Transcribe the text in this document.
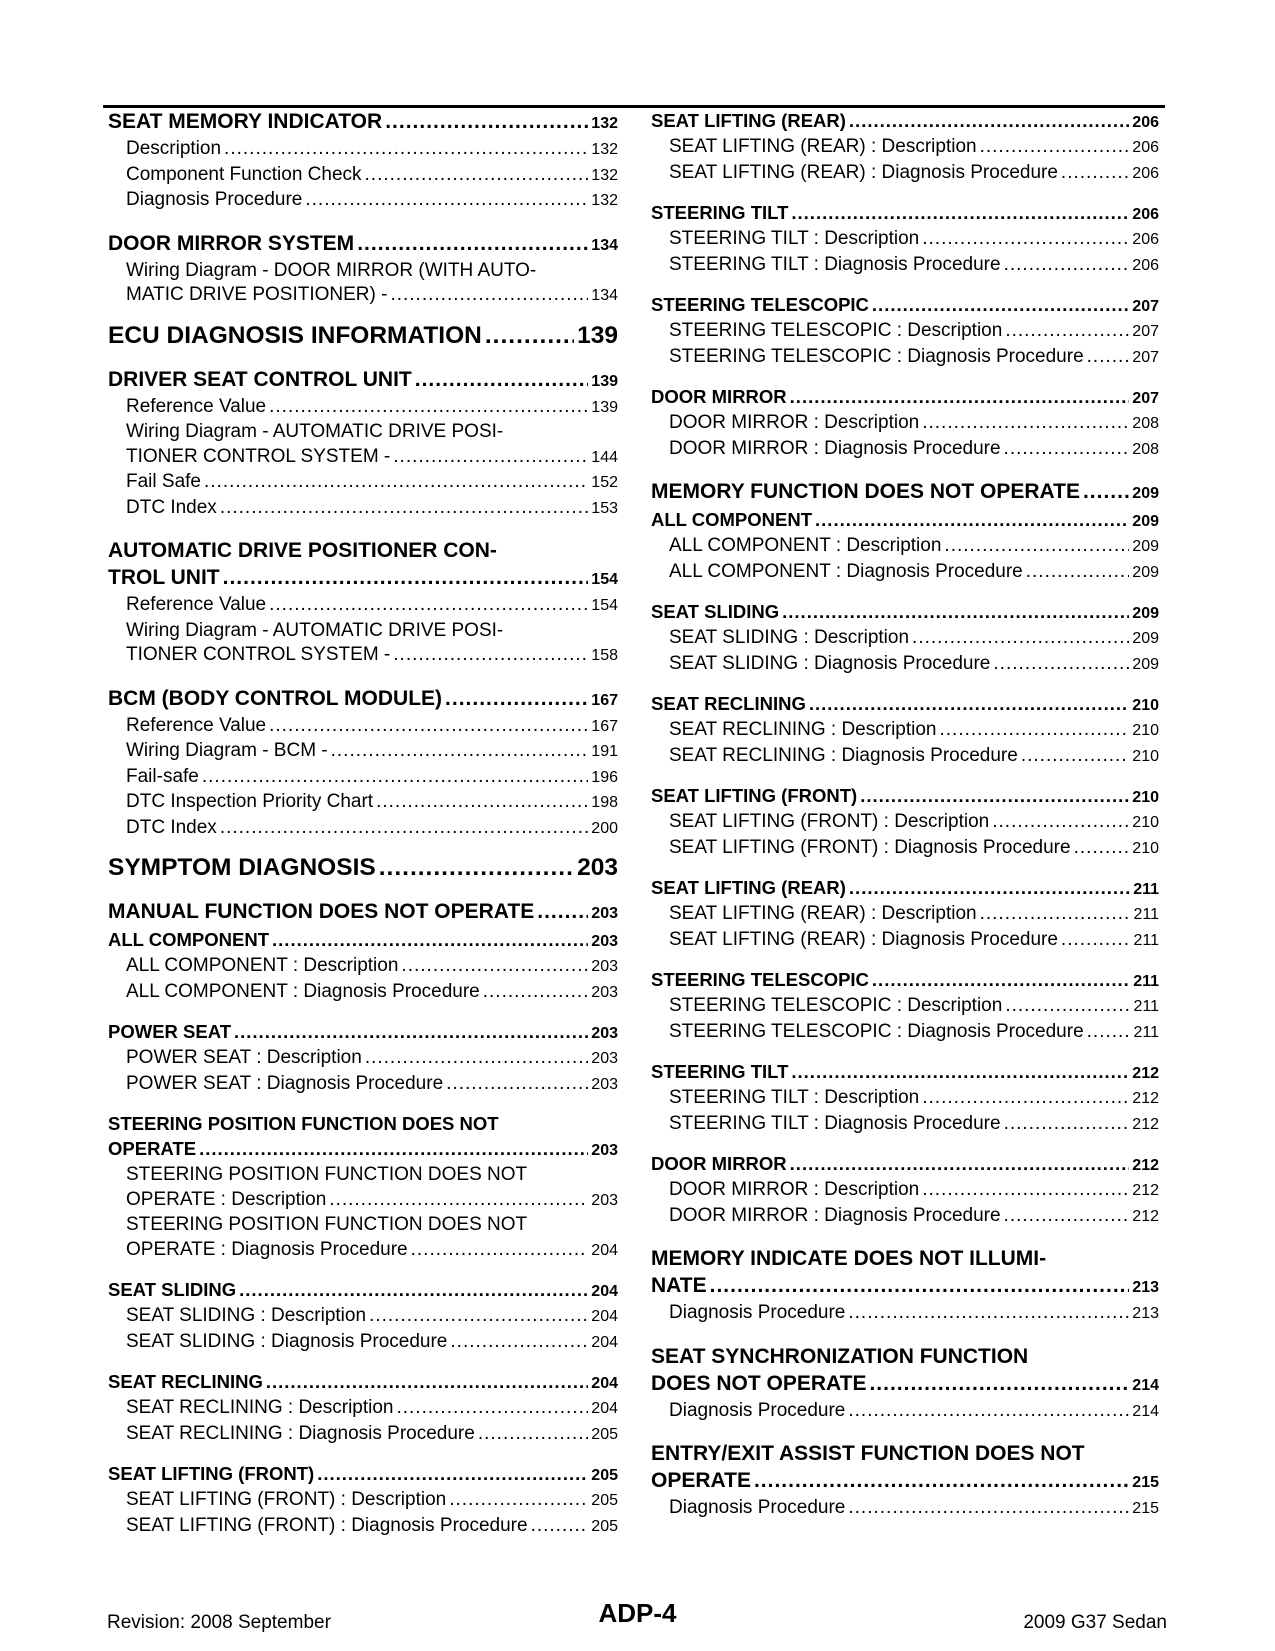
SEAT MEMORY INDICATOR .....	132
Description .....	132
Component Function Check .....	132
Diagnosis Procedure .....	132
DOOR MIRROR SYSTEM .....	134
Wiring Diagram - DOOR MIRROR (WITH AUTO-
MATIC DRIVE POSITIONER) - .....	134
ECU DIAGNOSIS INFORMATION .....	139
DRIVER SEAT CONTROL UNIT .....	139
Reference Value .....	139
Wiring Diagram - AUTOMATIC DRIVE POSI-
TIONER CONTROL SYSTEM - .....	144
Fail Safe .....	152
DTC Index .....	153
AUTOMATIC DRIVE POSITIONER CON-
TROL UNIT .....	154
Reference Value .....	154
Wiring Diagram - AUTOMATIC DRIVE POSI-
TIONER CONTROL SYSTEM - .....	158
BCM (BODY CONTROL MODULE) .....	167
Reference Value .....	167
Wiring Diagram - BCM - .....	191
Fail-safe .....	196
DTC Inspection Priority Chart .....	198
DTC Index .....	200
SYMPTOM DIAGNOSIS .....	203
MANUAL FUNCTION DOES NOT OPERATE .....	203
ALL COMPONENT .....	203
ALL COMPONENT : Description .....	203
ALL COMPONENT : Diagnosis Procedure .....	203
POWER SEAT .....	203
POWER SEAT : Description .....	203
POWER SEAT : Diagnosis Procedure .....	203
STEERING POSITION FUNCTION DOES NOT
OPERATE .....	203
STEERING POSITION FUNCTION DOES NOT
OPERATE : Description .....	203
STEERING POSITION FUNCTION DOES NOT
OPERATE : Diagnosis Procedure .....	204
SEAT SLIDING .....	204
SEAT SLIDING : Description .....	204
SEAT SLIDING : Diagnosis Procedure .....	204
SEAT RECLINING .....	204
SEAT RECLINING : Description .....	204
SEAT RECLINING : Diagnosis Procedure .....	205
SEAT LIFTING (FRONT) .....	205
SEAT LIFTING (FRONT) : Description .....	205
SEAT LIFTING (FRONT) : Diagnosis Procedure .....	205
SEAT LIFTING (REAR) .....	206
SEAT LIFTING (REAR) : Description .....	206
SEAT LIFTING (REAR) : Diagnosis Procedure .....	206
STEERING TILT .....	206
STEERING TILT : Description .....	206
STEERING TILT : Diagnosis Procedure .....	206
STEERING TELESCOPIC .....	207
STEERING TELESCOPIC : Description .....	207
STEERING TELESCOPIC : Diagnosis Procedure .....	207
DOOR MIRROR .....	207
DOOR MIRROR : Description .....	208
DOOR MIRROR : Diagnosis Procedure .....	208
MEMORY FUNCTION DOES NOT OPERATE .....	209
ALL COMPONENT .....	209
ALL COMPONENT : Description .....	209
ALL COMPONENT : Diagnosis Procedure .....	209
SEAT SLIDING .....	209
SEAT SLIDING : Description .....	209
SEAT SLIDING : Diagnosis Procedure .....	209
SEAT RECLINING .....	210
SEAT RECLINING : Description .....	210
SEAT RECLINING : Diagnosis Procedure .....	210
SEAT LIFTING (FRONT) .....	210
SEAT LIFTING (FRONT) : Description .....	210
SEAT LIFTING (FRONT) : Diagnosis Procedure .....	210
SEAT LIFTING (REAR) .....	211
SEAT LIFTING (REAR) : Description .....	211
SEAT LIFTING (REAR) : Diagnosis Procedure .....	211
STEERING TELESCOPIC .....	211
STEERING TELESCOPIC : Description .....	211
STEERING TELESCOPIC : Diagnosis Procedure .....	211
STEERING TILT .....	212
STEERING TILT : Description .....	212
STEERING TILT : Diagnosis Procedure .....	212
DOOR MIRROR .....	212
DOOR MIRROR : Description .....	212
DOOR MIRROR : Diagnosis Procedure .....	212
MEMORY INDICATE DOES NOT ILLUMI-
NATE .....	213
Diagnosis Procedure .....	213
SEAT SYNCHRONIZATION FUNCTION
DOES NOT OPERATE .....	214
Diagnosis Procedure .....	214
ENTRY/EXIT ASSIST FUNCTION DOES NOT
OPERATE .....	215
Diagnosis Procedure .....	215
Revision: 2008 September	ADP-4	2009 G37 Sedan
